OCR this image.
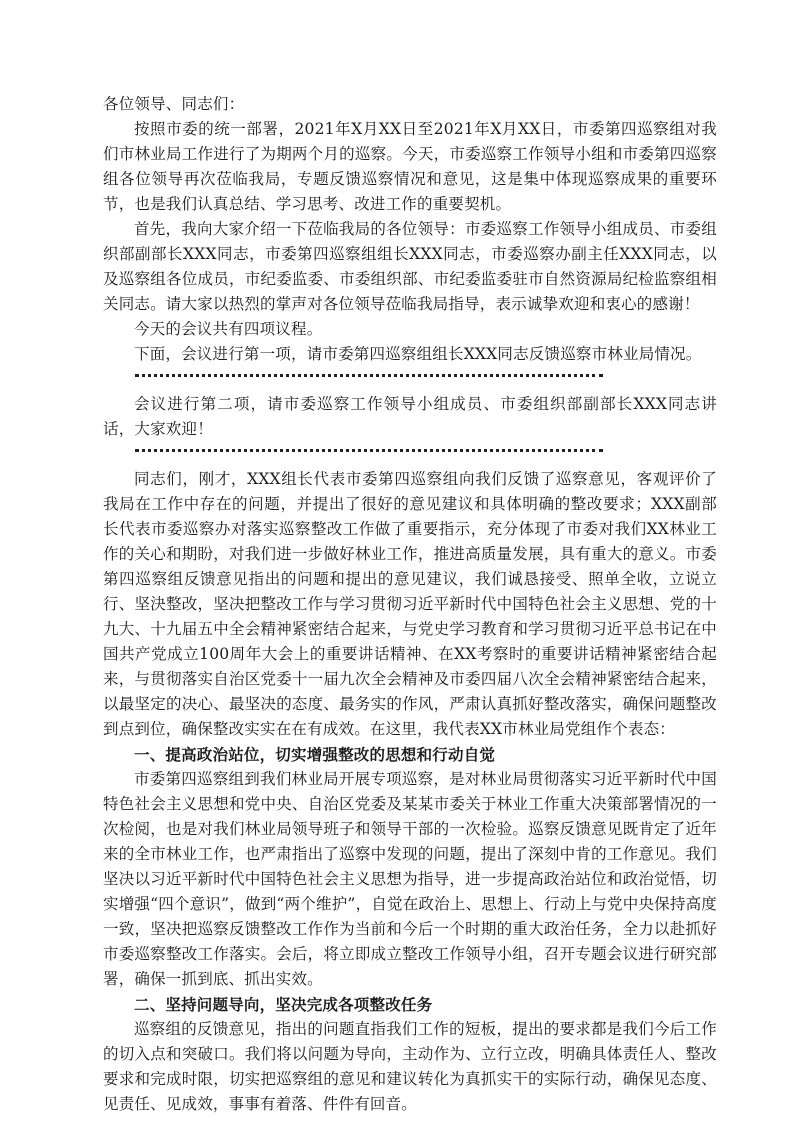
各位领导、同志们：

按照市委的统一部署，2021年X月XX日至2021年X月XX日，市委第四巡察组对我们市林业局工作进行了为期两个月的巡察。今天，市委巡察工作领导小组和市委第四巡察组各位领导再次莅临我局，专题反馈巡察情况和意见，这是集中体现巡察成果的重要环节，也是我们认真总结、学习思考、改进工作的重要契机。

首先，我向大家介绍一下莅临我局的各位领导：市委巡察工作领导小组成员、市委组织部副部长XXX同志，市委第四巡察组组长XXX同志，市委巡察办副主任XXX同志，以及巡察组各位成员，市纪委监委、市委组织部、市纪委监委驻市自然资源局纪检监察组相关同志。请大家以热烈的掌声对各位领导莅临我局指导，表示诚挚欢迎和衷心的感谢！

今天的会议共有四项议程。

下面，会议进行第一项，请市委第四巡察组组长XXX同志反馈巡察市林业局情况。

会议进行第二项，请市委巡察工作领导小组成员、市委组织部副部长XXX同志讲话，大家欢迎！

同志们，刚才，XXX组长代表市委第四巡察组向我们反馈了巡察意见，客观评价了我局在工作中存在的问题，并提出了很好的意见建议和具体明确的整改要求；XXX副部长代表市委巡察办对落实巡察整改工作做了重要指示，充分体现了市委对我们XX林业工作的关心和期盼，对我们进一步做好林业工作，推进高质量发展，具有重大的意义。市委第四巡察组反馈意见指出的问题和提出的意见建议，我们诚恳接受、照单全收，立说立行、坚決整改，坚决把整改工作与学习贯彻习近平新时代中国特色社会主义思想、党的十九大、十九届五中全会精神紧密结合起来，与党史学习教育和学习贯彻习近平总书记在中国共产党成立100周年大会上的重要讲话精神、在XX考察时的重要讲话精神紧密结合起来，与贯彻落实自治区党委十一届九次全会精神及市委四届八次全会精神紧密结合起来，以最坚定的决心、最坚决的态度、最务实的作风，严肃认真抓好整改落实，确保问题整改到点到位，确保整改实实在在有成效。在这里，我代表XX市林业局党组作个表态：

一、提高政治站位，切实增强整改的思想和行动自觉

市委第四巡察组到我们林业局开展专项巡察，是对林业局贯彻落实习近平新时代中国特色社会主义思想和党中央、自治区党委及某某市委关于林业工作重大决策部署情况的一次检阅，也是对我们林业局领导班子和领导干部的一次检验。巡察反馈意见既肯定了近年来的全市林业工作，也严肃指出了巡察中发现的问题，提出了深刻中肯的工作意见。我们坚决以习近平新时代中国特色社会主义思想为指导，进一步提高政治站位和政治觉悟，切实增强“四个意识”，做到“两个维护”，自觉在政治上、思想上、行动上与党中央保持高度一致，坚决把巡察反馈整改工作作为当前和今后一个时期的重大政治任务，全力以赴抓好市委巡察整改工作落实。会后，将立即成立整改工作领导小组，召开专题会议进行研究部署，确保一抓到底、抓出实效。

二、坚持问题导向，坚决完成各项整改任务

巡察组的反馈意见，指出的问题直指我们工作的短板，提出的要求都是我们今后工作的切入点和突破口。我们将以问题为导向，主动作为、立行立改，明确具体责任人、整改要求和完成时限，切实把巡察组的意见和建议转化为真抓实干的实际行动，确保见态度、见责任、见成效，事事有着落、件件有回音。
